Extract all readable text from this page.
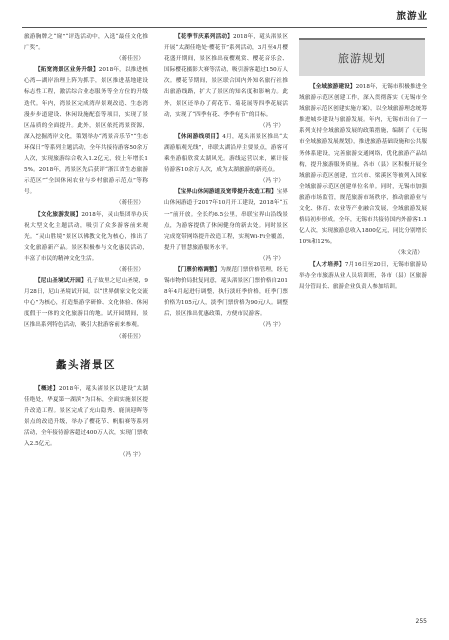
旅游业

旅游胸牌之“窥”“评选活动中，入选“最佳文化推广奖”。

（蒋佳昱）

【拓宽湾景区业务升级】2018年，以推进核心湾—湖岸治理上阵为抓手，景区推进基地建设标志性工程，激活综合业态服务等全方位的升级迭代。年内，湾景区完成湾岸景观改造、生态湾漫步步道建设、休闲设施配套等项目，实现了景区品质的全面提升。此外，景区依托湾景资源，深入挖掘湾岸文化，策划举办“湾景音乐节”“生态环保日”等系列主题活动，全年共接待游客50余万人次，实现旅游综合收入1.2亿元，较上年增长15%。2018年，湾景区先后获评“浙江省生态旅游示范区”“全国休闲农业与乡村旅游示范点”等称号。

（蒋佳昱）

【文化旅游发展】2018年，灵山集团举办庆祝大型文化主题活动，吸引了众多游客前来观光。“灵山胜境”景区以佛教文化为核心，推出了文化旅游新产品。景区积极参与文化惠民活动，丰富了市民的精神文化生活。

（蒋佳昱）

【尼山圣境试开园】孔子故里之尼山圣境，9月28日，尼山圣境试开园，以“世界儒家文化交流中心”为核心，打造集游学研修、文化体验、休闲度假于一体的文化旅游目的地。试开园期间，景区推出系列特色活动，吸引大批游客前来参观。

（蒋佳昱）

蠡头渚景区

【概述】2018年，鼋头渚景区以建设“太湖佳绝处，华夏第一湖滨”为目标，全面实施景区提升改造工程。景区完成了充山隐秀、鹿顶迎晖等景点的改造升级，举办了樱花节、帆船赛等系列活动，全年接待游客超过400万人次，实现门票收入2.5亿元。

（冯 宇）

【花季节庆系列活动】2018年，鼋头渚景区开展“太湖佳绝处·樱花节”系列活动，3月至4月樱花盛开期间，景区推出夜樱观赏、樱花音乐会、国际樱花摄影大赛等活动，吸引游客超过150万人次。樱花节期间，景区联合国内外知名旅行社推出旅游线路，扩大了景区的知名度和影响力。此外，景区还举办了荷花节、菊花展等四季花展活动，实现了“四季有花、季季有节”的目标。

（冯 宇）

【休闲游线项目】4月，鼋头渚景区推出“太湖游船观光线”，串联太湖沿岸主要景点，游客可乘坐游船欣赏太湖风光。游线运营以来，累计接待游客10余万人次，成为太湖旅游的新亮点。

（冯 宇）

【宝界山休闲游道及宽带提升改造工程】宝界山休闲游道于2017年10月开工建设，2018年“五一”前开放。全长约6.5公里，串联宝界山沿线景点，为游客提供了休闲健身的新去处。同时景区完成宽带网络提升改造工程，实现Wi-Fi全覆盖，提升了智慧旅游服务水平。

（冯 宇）

【门票价格调整】为规范门票价格管理，经无锡市物价局批复同意，鼋头渚景区门票价格自2018年4月起进行调整，执行淡旺季价格，旺季门票价格为105元/人，淡季门票价格为90元/人。调整后，景区推出优惠政策，方便市民游客。

（冯 宇）

旅游规划

【全域旅游建设】2018年，无锡市积极推进全域旅游示范区创建工作，深入贯彻落实《无锡市全域旅游示范区创建实施方案》，以全域旅游理念统筹推进城乡建设与旅游发展。年内，无锡市出台了一系列支持全域旅游发展的政策措施，编制了《无锡市全域旅游发展规划》，推进旅游基础设施和公共服务体系建设，完善旅游交通网络，优化旅游产品结构，提升旅游服务质量。各市（县）区积极开展全域旅游示范区创建，宜兴市、梁溪区等被列入国家全域旅游示范区创建单位名单。同时，无锡市加强旅游市场监管，规范旅游市场秩序，推动旅游业与文化、体育、农业等产业融合发展，全域旅游发展格局初步形成。全年，无锡市共接待国内外游客1.1亿人次，实现旅游总收入1800亿元，同比分别增长10%和12%。

（朱文清）

【人才培养】7月16日至20日，无锡市旅游局举办全市旅游从业人员培训班，各市（县）区旅游局分管局长、旅游企业负责人参加培训。

255
